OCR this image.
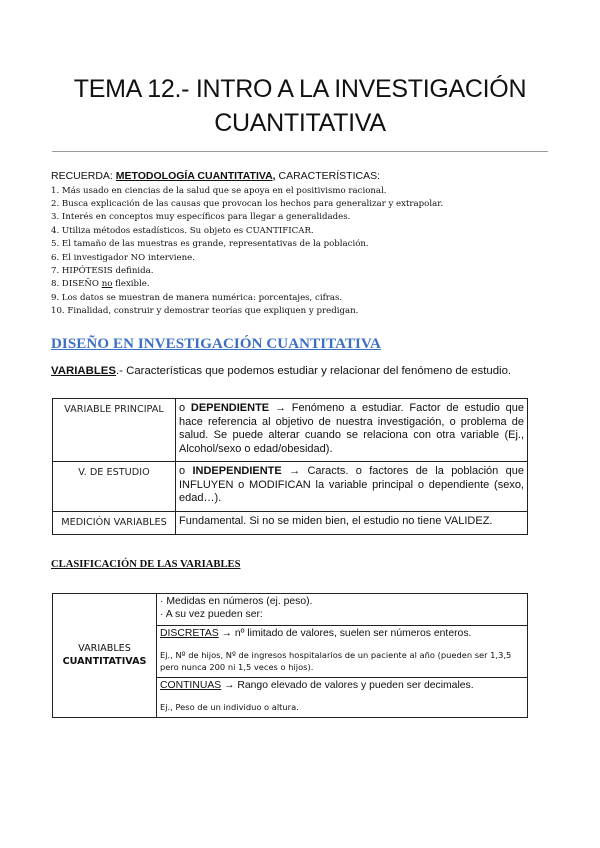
TEMA 12.- INTRO A LA INVESTIGACIÓN
CUANTITATIVA
RECUERDA: METODOLOGÍA CUANTITATIVA, CARACTERÍSTICAS:
1. Más usado en ciencias de la salud que se apoya en el positivismo racional.
2. Busca explicación de las causas que provocan los hechos para generalizar y extrapolar.
3. Interés en conceptos muy específicos para llegar a generalidades.
4. Utiliza métodos estadísticos. Su objeto es CUANTIFICAR.
5. El tamaño de las muestras es grande, representativas de la población.
6. El investigador NO interviene.
7. HIPÓTESIS definida.
8. DISEÑO no flexible.
9. Los datos se muestran de manera numérica: porcentajes, cifras.
10. Finalidad, construir y demostrar teorías que expliquen y predigan.
DISEÑO EN INVESTIGACIÓN CUANTITATIVA
VARIABLES.- Características que podemos estudiar y relacionar del fenómeno de estudio.
VARIABLE PRINCIPAL	o DEPENDIENTE → Fenómeno a estudiar. Factor de estudio que hace referencia al objetivo de nuestra investigación, o problema de salud. Se puede alterar cuando se relaciona con otra variable (Ej., Alcohol/sexo o edad/obesidad).
V. DE ESTUDIO	o INDEPENDIENTE → Caracts. o factores de la población que INFLUYEN o MODIFICAN la variable principal o dependiente (sexo, edad…).
MEDICIÓN VARIABLES	Fundamental. Si no se miden bien, el estudio no tiene VALIDEZ.
CLASIFICACIÓN DE LAS VARIABLES
VARIABLES
CUANTITATIVAS

· Medidas en números (ej. peso).
· A su vez pueden ser:

DISCRETAS → nº limitado de valores, suelen ser números enteros.
Ej., Nº de hijos, Nº de ingresos hospitalarios de un paciente al año (pueden ser 1,3,5 pero nunca 200 ni 1,5 veces o hijos).

CONTINUAS → Rango elevado de valores y pueden ser decimales.
Ej., Peso de un individuo o altura.
